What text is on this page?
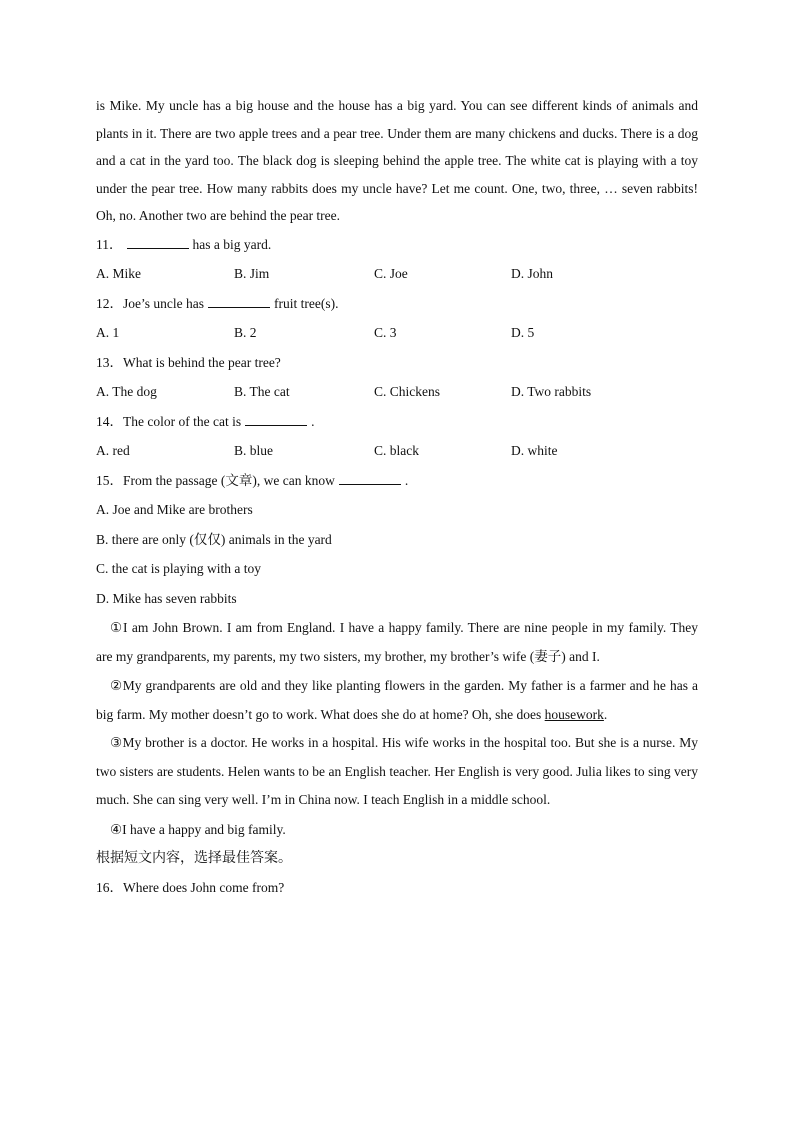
is Mike. My uncle has a big house and the house has a big yard. You can see different kinds of animals and plants in it. There are two apple trees and a pear tree. Under them are many chickens and ducks. There is a dog and a cat in the yard too. The black dog is sleeping behind the apple tree. The white cat is playing with a toy under the pear tree. How many rabbits does my uncle have? Let me count. One, two, three, … seven rabbits! Oh, no. Another two are behind the pear tree.

11．	has a big yard.

A. Mike	B. Jim	C. Joe	D. John

12．Joe’s uncle has	fruit tree(s).

A. 1	B. 2	C. 3	D. 5

13．What is behind the pear tree?

A. The dog	B. The cat	C. Chickens	D. Two rabbits

14．The color of the cat is	.

A. red	B. blue	C. black	D. white

15．From the passage (文章), we can know	.

A. Joe and Mike are brothers

B. there are only (仅仅) animals in the yard

C. the cat is playing with a toy

D. Mike has seven rabbits

①I am John Brown. I am from England. I have a happy family. There are nine people in my family. They are my grandparents, my parents, my two sisters, my brother, my brother’s wife (妻子) and I.

②My grandparents are old and they like planting flowers in the garden. My father is a farmer and he has a big farm. My mother doesn’t go to work. What does she do at home? Oh, she does housework.

③My brother is a doctor. He works in a hospital. His wife works in the hospital too. But she is a nurse. My two sisters are students. Helen wants to be an English teacher. Her English is very good. Julia likes to sing very much. She can sing very well. I’m in China now. I teach English in a middle school.

④I have a happy and big family.

根据短文内容，选择最佳答案。

16．Where does John come from?
